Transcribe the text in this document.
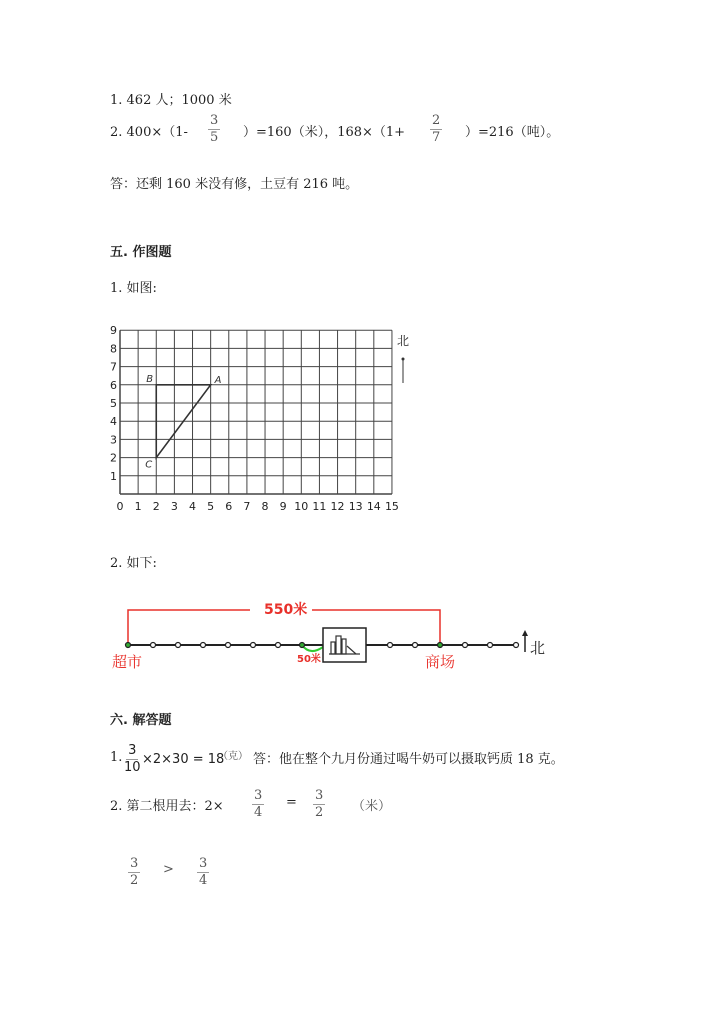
1. 462 人；1000 米
2. $400\times(1- \frac{3}{5} )=160$（米），$168\times(1+ \frac{2}{7} )=216$（吨）。
答：还剩 160 米没有修，土豆有 216 吨。
五. 作图题
1. 如图:
0 1 2 3 4 5 6 7 8 9 10 11 12 13 14 15
1
2
3
4
5
6
7
8
9
A
B
C
北
2. 如下:
550米
50米
超市	商场
北
六. 解答题
1. $\frac{3}{10} \times 2\times 30 = 18$
（克） 答：他在整个九月份通过喝牛奶可以摄取钙质 18 克。
2. 第二根用去：$2\times \frac{3}{4} = \frac{3}{2}$ （米）
$\frac{3}{2} > \frac{3}{4}$
